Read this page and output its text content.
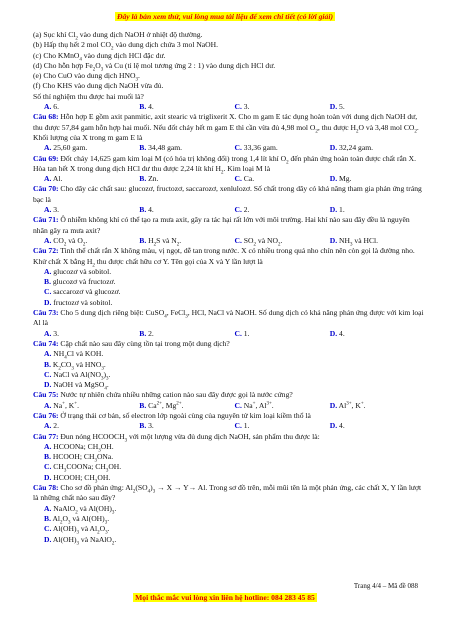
Đây là bản xem thử, vui lòng mua tài liệu để xem chi tiết (có lời giải)
(a) Sục khí $Cl_2$ vào dung dịch NaOH ở nhiệt độ thường.
(b) Hấp thụ hết 2 mol $CO_2$ vào dung dịch chứa 3 mol NaOH.
(c) Cho KMnO$_4$ vào dung dịch HCl đặc dư.
(d) Cho hỗn hợp $Fe_2O_3$ và Cu (tỉ lệ mol tương ứng 2 : 1) vào dung dịch HCl dư.
(e) Cho CuO vào dung dịch $HNO_3$.
(f) Cho KHS vào dung dịch NaOH vừa đủ.
Số thí nghiệm thu được hai muối là?
A. 6.	B. 4.	C. 3.	D. 5.
Câu 68: Hỗn hợp E gồm axit panmitic, axit stearic và triglixerit X. Cho m gam E tác dụng hoàn toàn với dung dịch NaOH dư, thu được 57,84 gam hỗn hợp hai muối. Nếu đốt cháy hết m gam E thì cần vừa đủ 4,98 mol $O_2$, thu được $H_2O$ và 3,48 mol $CO_2$. Khối lượng của X trong m gam E là
A. 25,60 gam.	B. 34,48 gam.	C. 33,36 gam.	D. 32,24 gam.
Câu 69: Đốt cháy 14,625 gam kim loại M (có hóa trị không đổi) trong 1,4 lít khí $O_2$ đến phản ứng hoàn toàn được chất rắn X. Hòa tan hết X trong dung dịch HCl dư thu được 2,24 lít khí $H_2$. Kim loại M là
A. Al.	B. Zn.	C. Ca.	D. Mg.
Câu 70: Cho dãy các chất sau: glucozơ, fructozơ, saccarozơ, xenlulozơ. Số chất trong dãy có khả năng tham gia phản ứng tráng bạc là
A. 3.	B. 4.	C. 2.	D. 1.
Câu 71: Ô nhiễm không khí có thể tạo ra mưa axit, gây ra tác hại rất lớn với môi trường. Hai khí nào sau đây đều là nguyên nhân gây ra mưa axit?
A. $CO_2$ và $O_2$.	B. $H_2S$ và $N_2$.	C. $SO_2$ và $NO_2$.	D. $NH_3$ và HCl.
Câu 72: Tinh thể chất rắn X không màu, vị ngọt, dễ tan trong nước. X có nhiều trong quả nho chín nên còn gọi là đường nho. Khử chất X bằng $H_2$ thu được chất hữu cơ Y. Tên gọi của X và Y lần lượt là
A. glucozơ và sobitol.
B. glucozơ và fructozơ.
C. saccarozơ và glucozơ.
D. fructozơ và sobitol.
Câu 73: Cho 5 dung dịch riêng biệt: CuSO$_4$, FeCl$_3$, HCl, NaCl và NaOH. Số dung dịch có khả năng phản ứng được với kim loại Al là
A. 3.	B. 2.	C. 1.	D. 4.
Câu 74: Cặp chất nào sau đây cùng tồn tại trong một dung dịch?
A. $NH_4Cl$ và KOH.
B. $K_2CO_3$ và $HNO_3$.
C. NaCl và $Al(NO_3)_3$.
D. NaOH và MgSO$_4$.
Câu 75: Nước tự nhiên chứa nhiều những cation nào sau đây được gọi là nước cứng?
A. Na+, K+.	B. $Ca^{2+}$, $Mg^{2+}$.	C. Na+, $Al^{3+}$.	D. $Al^{3+}$, K+.
Câu 76: Ở trạng thái cơ bản, số electron lớp ngoài cùng của nguyên tử kim loại kiềm thổ là
A. 2.	B. 3.	C. 1.	D. 4.
Câu 77: Đun nóng $HCOOCH_3$ với một lượng vừa đủ dung dịch NaOH, sản phẩm thu được là:
A. HCOONa; $CH_3OH$.
B. HCOOH; $CH_3ONa$.
C. $CH_3COONa$; $CH_3OH$.
D. HCOOH; $CH_3OH$.
Câu 78: Cho sơ đồ phản ứng: $Al_2(SO_4)_3 \to X \to Y\to Al$. Trong sơ đồ trên, mỗi mũi tên là một phản ứng, các chất X, Y lần lượt là những chất nào sau đây?
A. NaAlO$_2$ và $Al(OH)_3$.
B. $Al_2O_3$ và $Al(OH)_3$.
C. $Al(OH)_3$ và $Al_2O_3$.
D. $Al(OH)_3$ và NaAlO$_2$.
Trang 4/4 – Mã đề 088
Mọi thắc mắc vui lòng xin liên hệ hotline: 084 283 45 85
